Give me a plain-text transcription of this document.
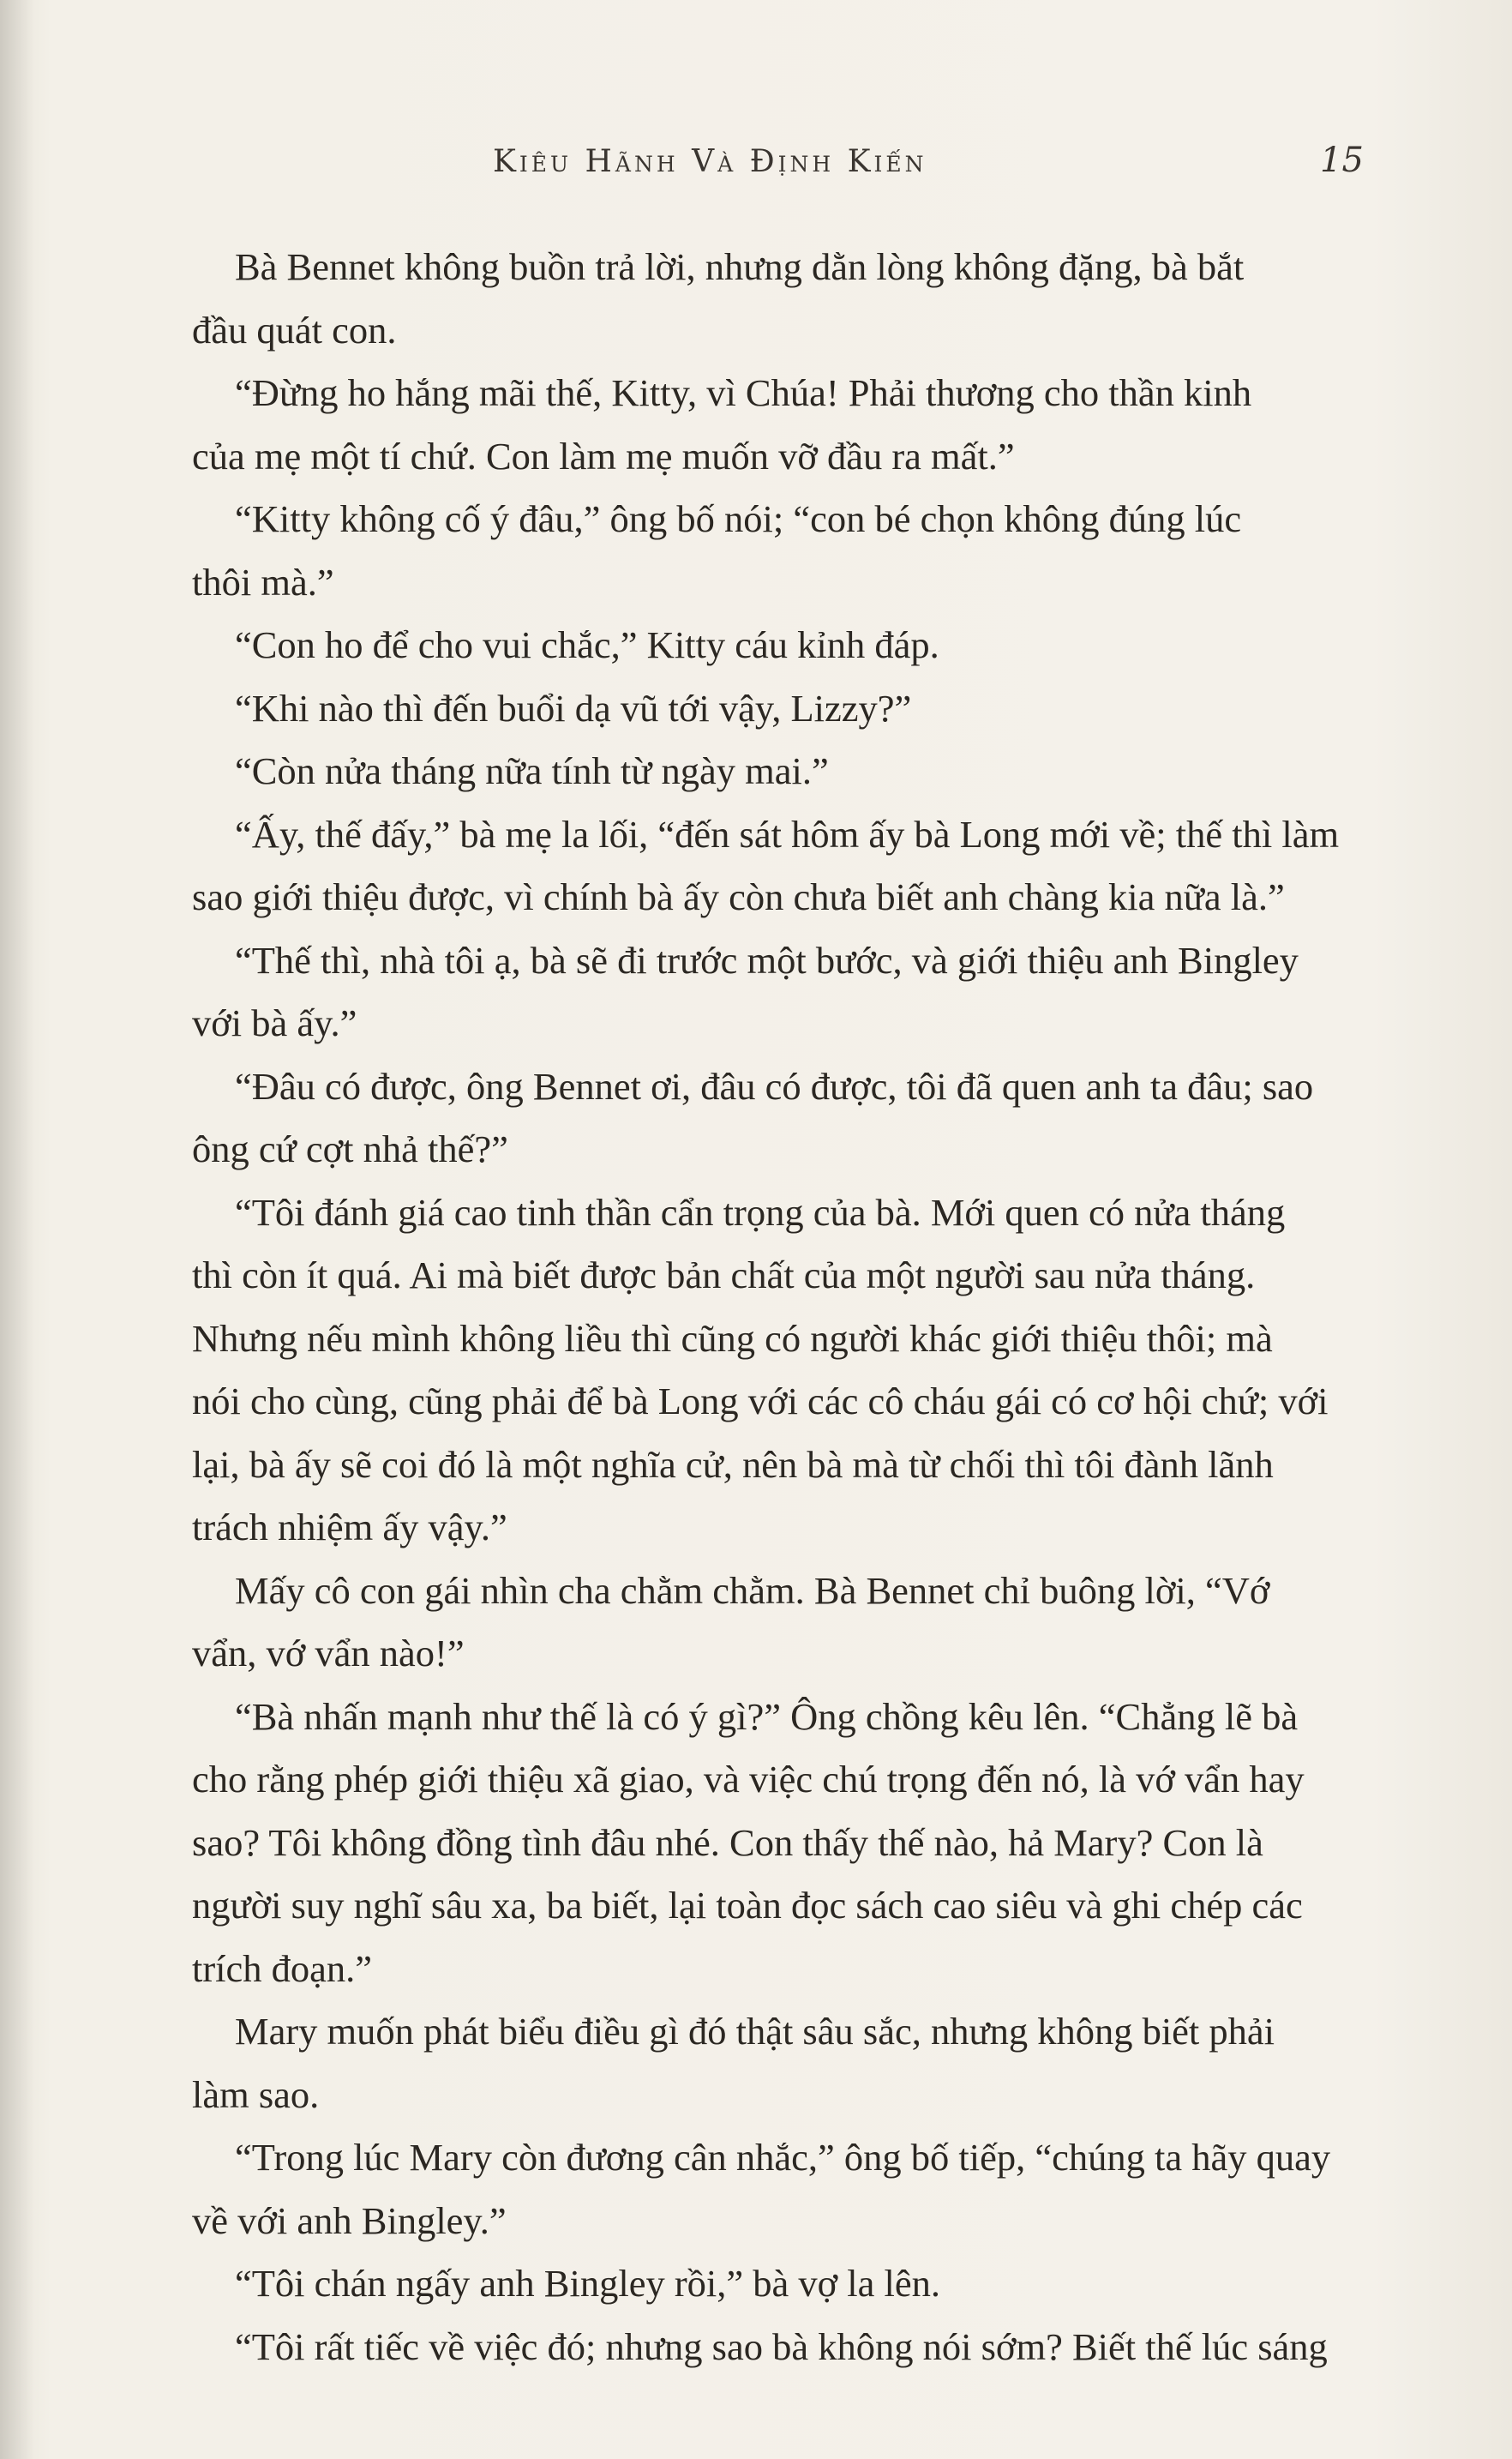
Kiêu Hãnh Và Định Kiến	15
Bà Bennet không buồn trả lời, nhưng dằn lòng không đặng, bà bắt
đầu quát con.
“Đừng ho hắng mãi thế, Kitty, vì Chúa! Phải thương cho thần kinh
của mẹ một tí chứ. Con làm mẹ muốn vỡ đầu ra mất.”
“Kitty không cố ý đâu,” ông bố nói; “con bé chọn không đúng lúc
thôi mà.”
“Con ho để cho vui chắc,” Kitty cáu kỉnh đáp.
“Khi nào thì đến buổi dạ vũ tới vậy, Lizzy?”
“Còn nửa tháng nữa tính từ ngày mai.”
“Ấy, thế đấy,” bà mẹ la lối, “đến sát hôm ấy bà Long mới về; thế thì làm
sao giới thiệu được, vì chính bà ấy còn chưa biết anh chàng kia nữa là.”
“Thế thì, nhà tôi ạ, bà sẽ đi trước một bước, và giới thiệu anh Bingley
với bà ấy.”
“Đâu có được, ông Bennet ơi, đâu có được, tôi đã quen anh ta đâu; sao
ông cứ cợt nhả thế?”
“Tôi đánh giá cao tinh thần cẩn trọng của bà. Mới quen có nửa tháng
thì còn ít quá. Ai mà biết được bản chất của một người sau nửa tháng.
Nhưng nếu mình không liều thì cũng có người khác giới thiệu thôi; mà
nói cho cùng, cũng phải để bà Long với các cô cháu gái có cơ hội chứ; với
lại, bà ấy sẽ coi đó là một nghĩa cử, nên bà mà từ chối thì tôi đành lãnh
trách nhiệm ấy vậy.”
Mấy cô con gái nhìn cha chằm chằm. Bà Bennet chỉ buông lời, “Vớ
vẩn, vớ vẩn nào!”
“Bà nhấn mạnh như thế là có ý gì?” Ông chồng kêu lên. “Chẳng lẽ bà
cho rằng phép giới thiệu xã giao, và việc chú trọng đến nó, là vớ vẩn hay
sao? Tôi không đồng tình đâu nhé. Con thấy thế nào, hả Mary? Con là
người suy nghĩ sâu xa, ba biết, lại toàn đọc sách cao siêu và ghi chép các
trích đoạn.”
Mary muốn phát biểu điều gì đó thật sâu sắc, nhưng không biết phải
làm sao.
“Trong lúc Mary còn đương cân nhắc,” ông bố tiếp, “chúng ta hãy quay
về với anh Bingley.”
“Tôi chán ngấy anh Bingley rồi,” bà vợ la lên.
“Tôi rất tiếc về việc đó; nhưng sao bà không nói sớm? Biết thế lúc sáng
